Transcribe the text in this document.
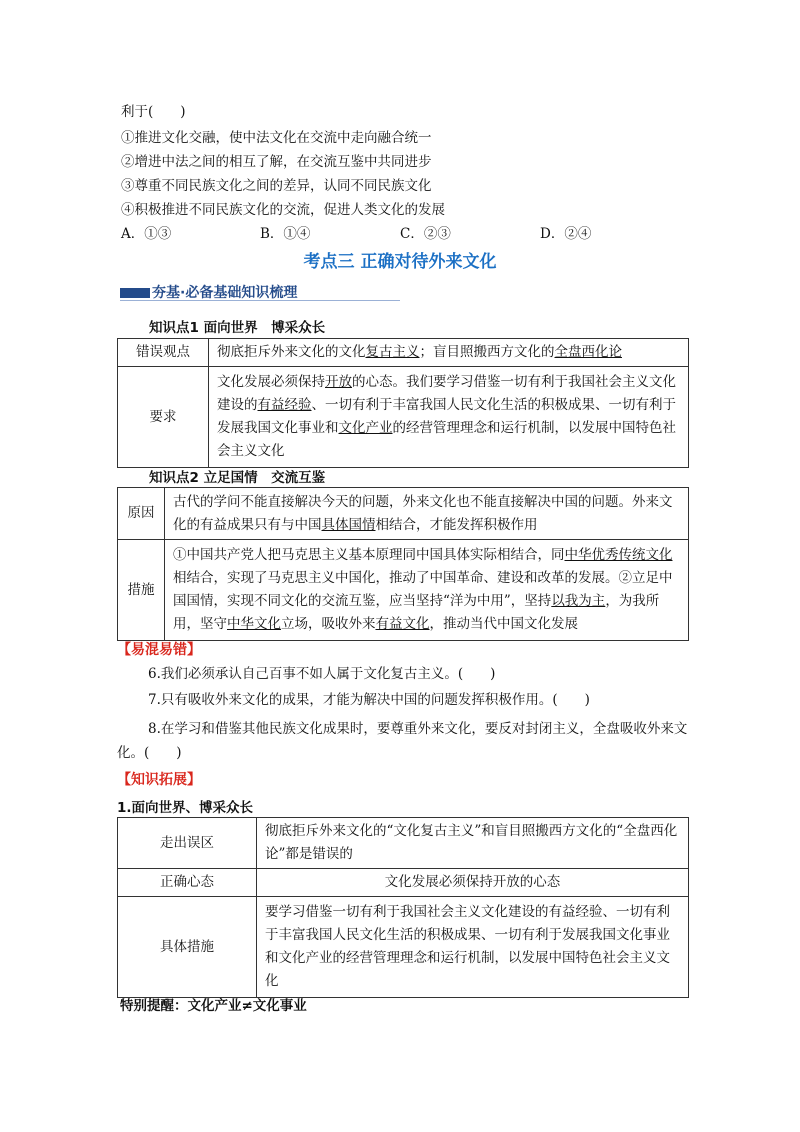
利于(　　)
①推进文化交融，使中法文化在交流中走向融合统一
②增进中法之间的相互了解，在交流互鉴中共同进步
③尊重不同民族文化之间的差异，认同不同民族文化
④积极推进不同民族文化的交流，促进人类文化的发展
A．①③	B．①④	C．②③	D．②④
考点三 正确对待外来文化
夯基·必备基础知识梳理
知识点1 面向世界　博采众长
错误观点	彻底拒斥外来文化的文化复古主义；盲目照搬西方文化的全盘西化论
要求	文化发展必须保持开放的心态。我们要学习借鉴一切有利于我国社会主义文化建设的有益经验、一切有利于丰富我国人民文化生活的积极成果、一切有利于发展我国文化事业和文化产业的经营管理理念和运行机制，以发展中国特色社会主义文化
知识点2 立足国情　交流互鉴
原因	古代的学问不能直接解决今天的问题，外来文化也不能直接解决中国的问题。外来文化的有益成果只有与中国具体国情相结合，才能发挥积极作用
措施	①中国共产党人把马克思主义基本原理同中国具体实际相结合，同中华优秀传统文化相结合，实现了马克思主义中国化，推动了中国革命、建设和改革的发展。②立足中国国情，实现不同文化的交流互鉴，应当坚持“洋为中用”，坚持以我为主，为我所用，坚守中华文化立场，吸收外来有益文化，推动当代中国文化发展
【易混易错】
6.我们必须承认自己百事不如人属于文化复古主义。(　　)
7.只有吸收外来文化的成果，才能为解决中国的问题发挥积极作用。(　　)
8.在学习和借鉴其他民族文化成果时，要尊重外来文化，要反对封闭主义，全盘吸收外来文化。(　　)
【知识拓展】
1.面向世界、博采众长
走出误区	彻底拒斥外来文化的“文化复古主义”和盲目照搬西方文化的“全盘西化论”都是错误的
正确心态	文化发展必须保持开放的心态
具体措施	要学习借鉴一切有利于我国社会主义文化建设的有益经验、一切有利于丰富我国人民文化生活的积极成果、一切有利于发展我国文化事业和文化产业的经营管理理念和运行机制，以发展中国特色社会主义文化
特别提醒：文化产业≠文化事业
